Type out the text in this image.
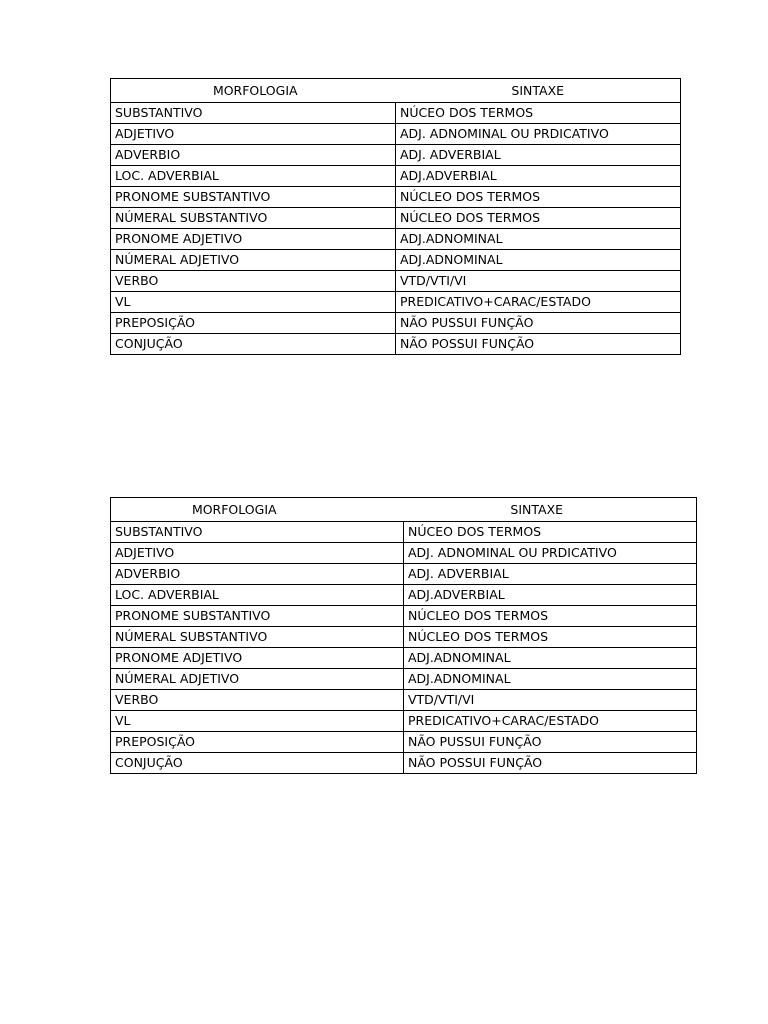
MORFOLOGIA	SINTAXE
SUBSTANTIVO	NÚCEO DOS TERMOS
ADJETIVO	ADJ. ADNOMINAL OU PRDICATIVO
ADVERBIO	ADJ. ADVERBIAL
LOC. ADVERBIAL	ADJ.ADVERBIAL
PRONOME SUBSTANTIVO	NÚCLEO DOS TERMOS
NÚMERAL SUBSTANTIVO	NÚCLEO DOS TERMOS
PRONOME ADJETIVO	ADJ.ADNOMINAL
NÚMERAL ADJETIVO	ADJ.ADNOMINAL
VERBO	VTD/VTI/VI
VL	PREDICATIVO+CARAC/ESTADO
PREPOSIÇÃO	NÃO PUSSUI FUNÇÃO
CONJUÇÃO	NÃO POSSUI FUNÇÃO
MORFOLOGIA	SINTAXE
SUBSTANTIVO	NÚCEO DOS TERMOS
ADJETIVO	ADJ. ADNOMINAL OU PRDICATIVO
ADVERBIO	ADJ. ADVERBIAL
LOC. ADVERBIAL	ADJ.ADVERBIAL
PRONOME SUBSTANTIVO	NÚCLEO DOS TERMOS
NÚMERAL SUBSTANTIVO	NÚCLEO DOS TERMOS
PRONOME ADJETIVO	ADJ.ADNOMINAL
NÚMERAL ADJETIVO	ADJ.ADNOMINAL
VERBO	VTD/VTI/VI
VL	PREDICATIVO+CARAC/ESTADO
PREPOSIÇÃO	NÃO PUSSUI FUNÇÃO
CONJUÇÃO	NÃO POSSUI FUNÇÃO
